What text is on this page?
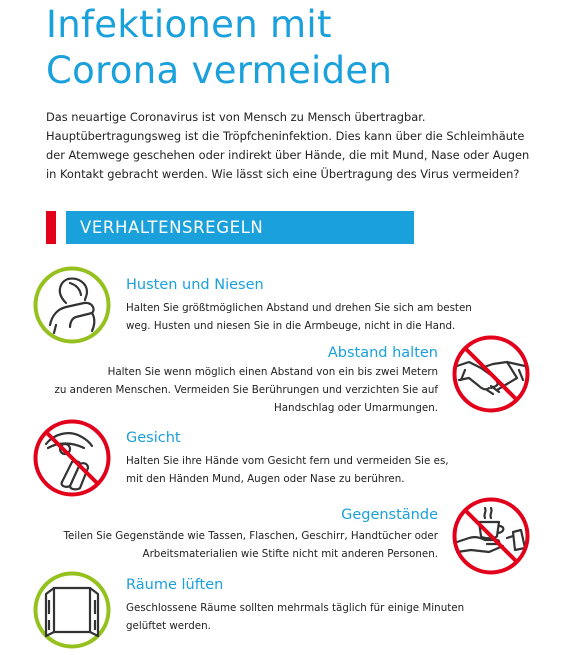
Infektionen mit
Corona vermeiden
Das neuartige Coronavirus ist von Mensch zu Mensch übertragbar.
Hauptübertragungsweg ist die Tröpfcheninfektion. Dies kann über die Schleimhäute
der Atemwege geschehen oder indirekt über Hände, die mit Mund, Nase oder Augen
in Kontakt gebracht werden. Wie lässt sich eine Übertragung des Virus vermeiden?
VERHALTENSREGELN
Husten und Niesen
Halten Sie größtmöglichen Abstand und drehen Sie sich am besten
weg. Husten und niesen Sie in die Armbeuge, nicht in die Hand.
Abstand halten
Halten Sie wenn möglich einen Abstand von ein bis zwei Metern
zu anderen Menschen. Vermeiden Sie Berührungen und verzichten Sie auf
Handschlag oder Umarmungen.
Gesicht
Halten Sie ihre Hände vom Gesicht fern und vermeiden Sie es,
mit den Händen Mund, Augen oder Nase zu berühren.
Gegenstände
Teilen Sie Gegenstände wie Tassen, Flaschen, Geschirr, Handtücher oder
Arbeitsmaterialien wie Stifte nicht mit anderen Personen.
Räume lüften
Geschlossene Räume sollten mehrmals täglich für einige Minuten
gelüftet werden.
